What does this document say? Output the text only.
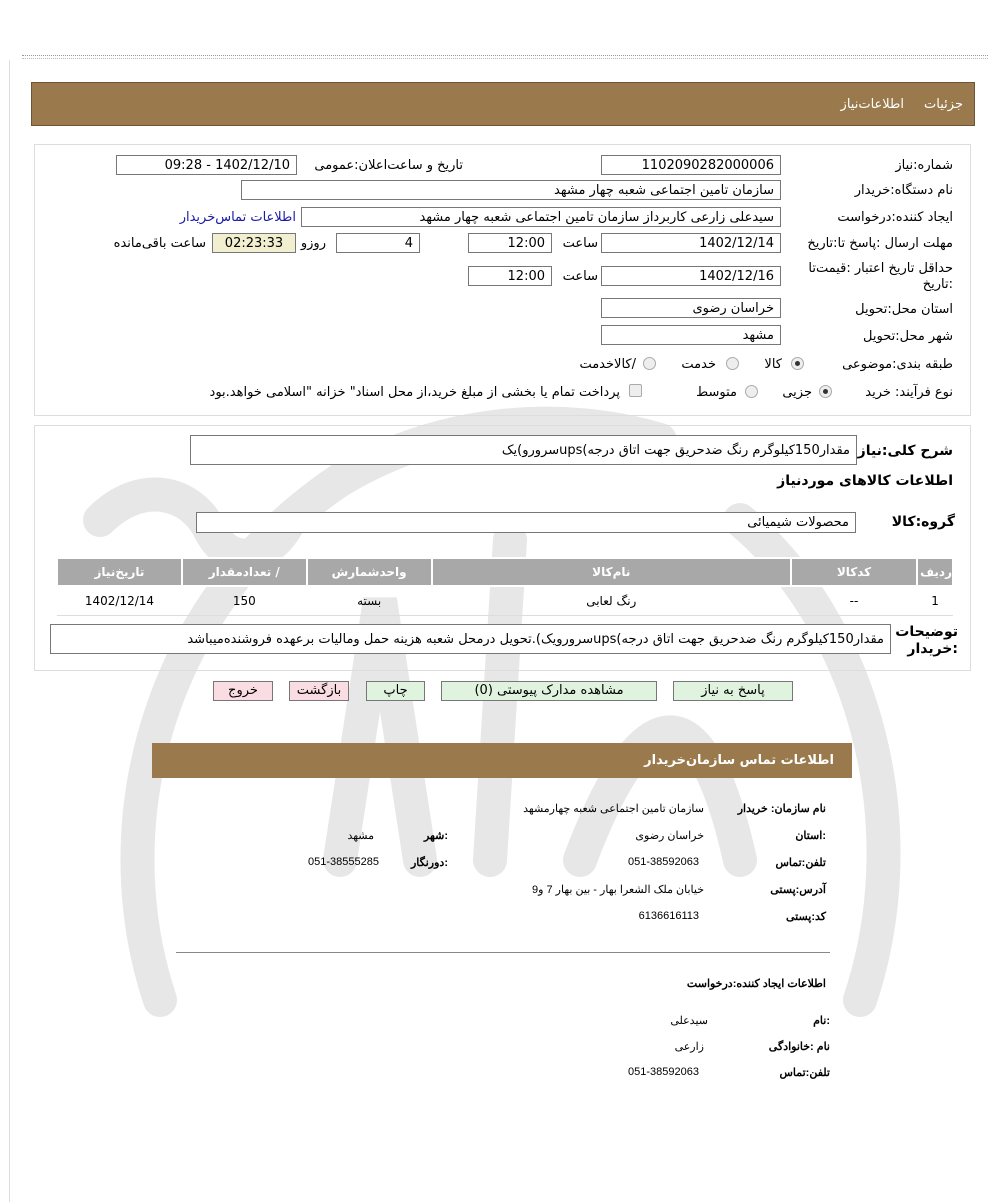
جزئیات
اطلاعات‌نیاز
شماره:نیاز
1102090282000006
تاریخ و ساعت‌اعلان:عمومی
1402/12/10 - 09:28
نام دستگاه:خریدار
سازمان تامین اجتماعی شعبه چهار مشهد
ایجاد کننده:درخواست
سیدعلی زارعی کاربرداز سازمان تامین اجتماعی شعبه چهار مشهد
اطلاعات تماس‌خریدار
مهلت ارسال :پاسخ تا:تاریخ
1402/12/14
ساعت
12:00
4
روزو
02:23:33
ساعت باقی‌مانده
حداقل تاریخ اعتبار :قیمت‌تا :تاریخ
1402/12/16
ساعت
12:00
استان محل:تحویل
خراسان رضوی
شهر محل:تحویل
مشهد
طبقه بندی:موضوعی
کالا
خدمت
/کالاخدمت
نوع فرآیند: خرید
جزیی
متوسط
پرداخت تمام یا بخشی از مبلغ خرید،از محل اسناد" خزانه "اسلامی خواهد.بود
شرح کلی:نیاز
مقدار150کیلوگرم رنگ ضدحریق جهت اتاق درجه)upsسرورو)یک
اطلاعات کالاهای موردنیاز
گروه:کالا
محصولات شیمیائی
ردیف	کدکالا	نام‌کالا	واحدشمارش	/ تعدادمقدار	تاریخ‌نیاز
1	--	رنگ لعابی	بسته	150	1402/12/14
توضیحات
:خریدار
مقدار150کیلوگرم رنگ ضدحریق جهت اتاق درجه)upsسرورویک).تحویل درمحل شعبه هزینه حمل ومالیات برعهده فروشنده‌میباشد
پاسخ به نیاز
مشاهده مدارک پیوستی (0)
چاپ
بازگشت
خروج
اطلاعات تماس سازمان‌خریدار
نام سازمان: خریدار
سازمان تامین اجتماعی شعبه چهارمشهد
:استان
خراسان رضوی
:شهر
مشهد
تلفن:تماس
051-38592063
:دورنگار
051-38555285
آدرس:پستی
خیابان ملک الشعرا بهار - بین بهار 7 و9
کد:پستی
6136616113
اطلاعات ایجاد کننده:درخواست
:نام
سیدعلی
نام :خانوادگی
زارعی
تلفن:تماس
051-38592063
